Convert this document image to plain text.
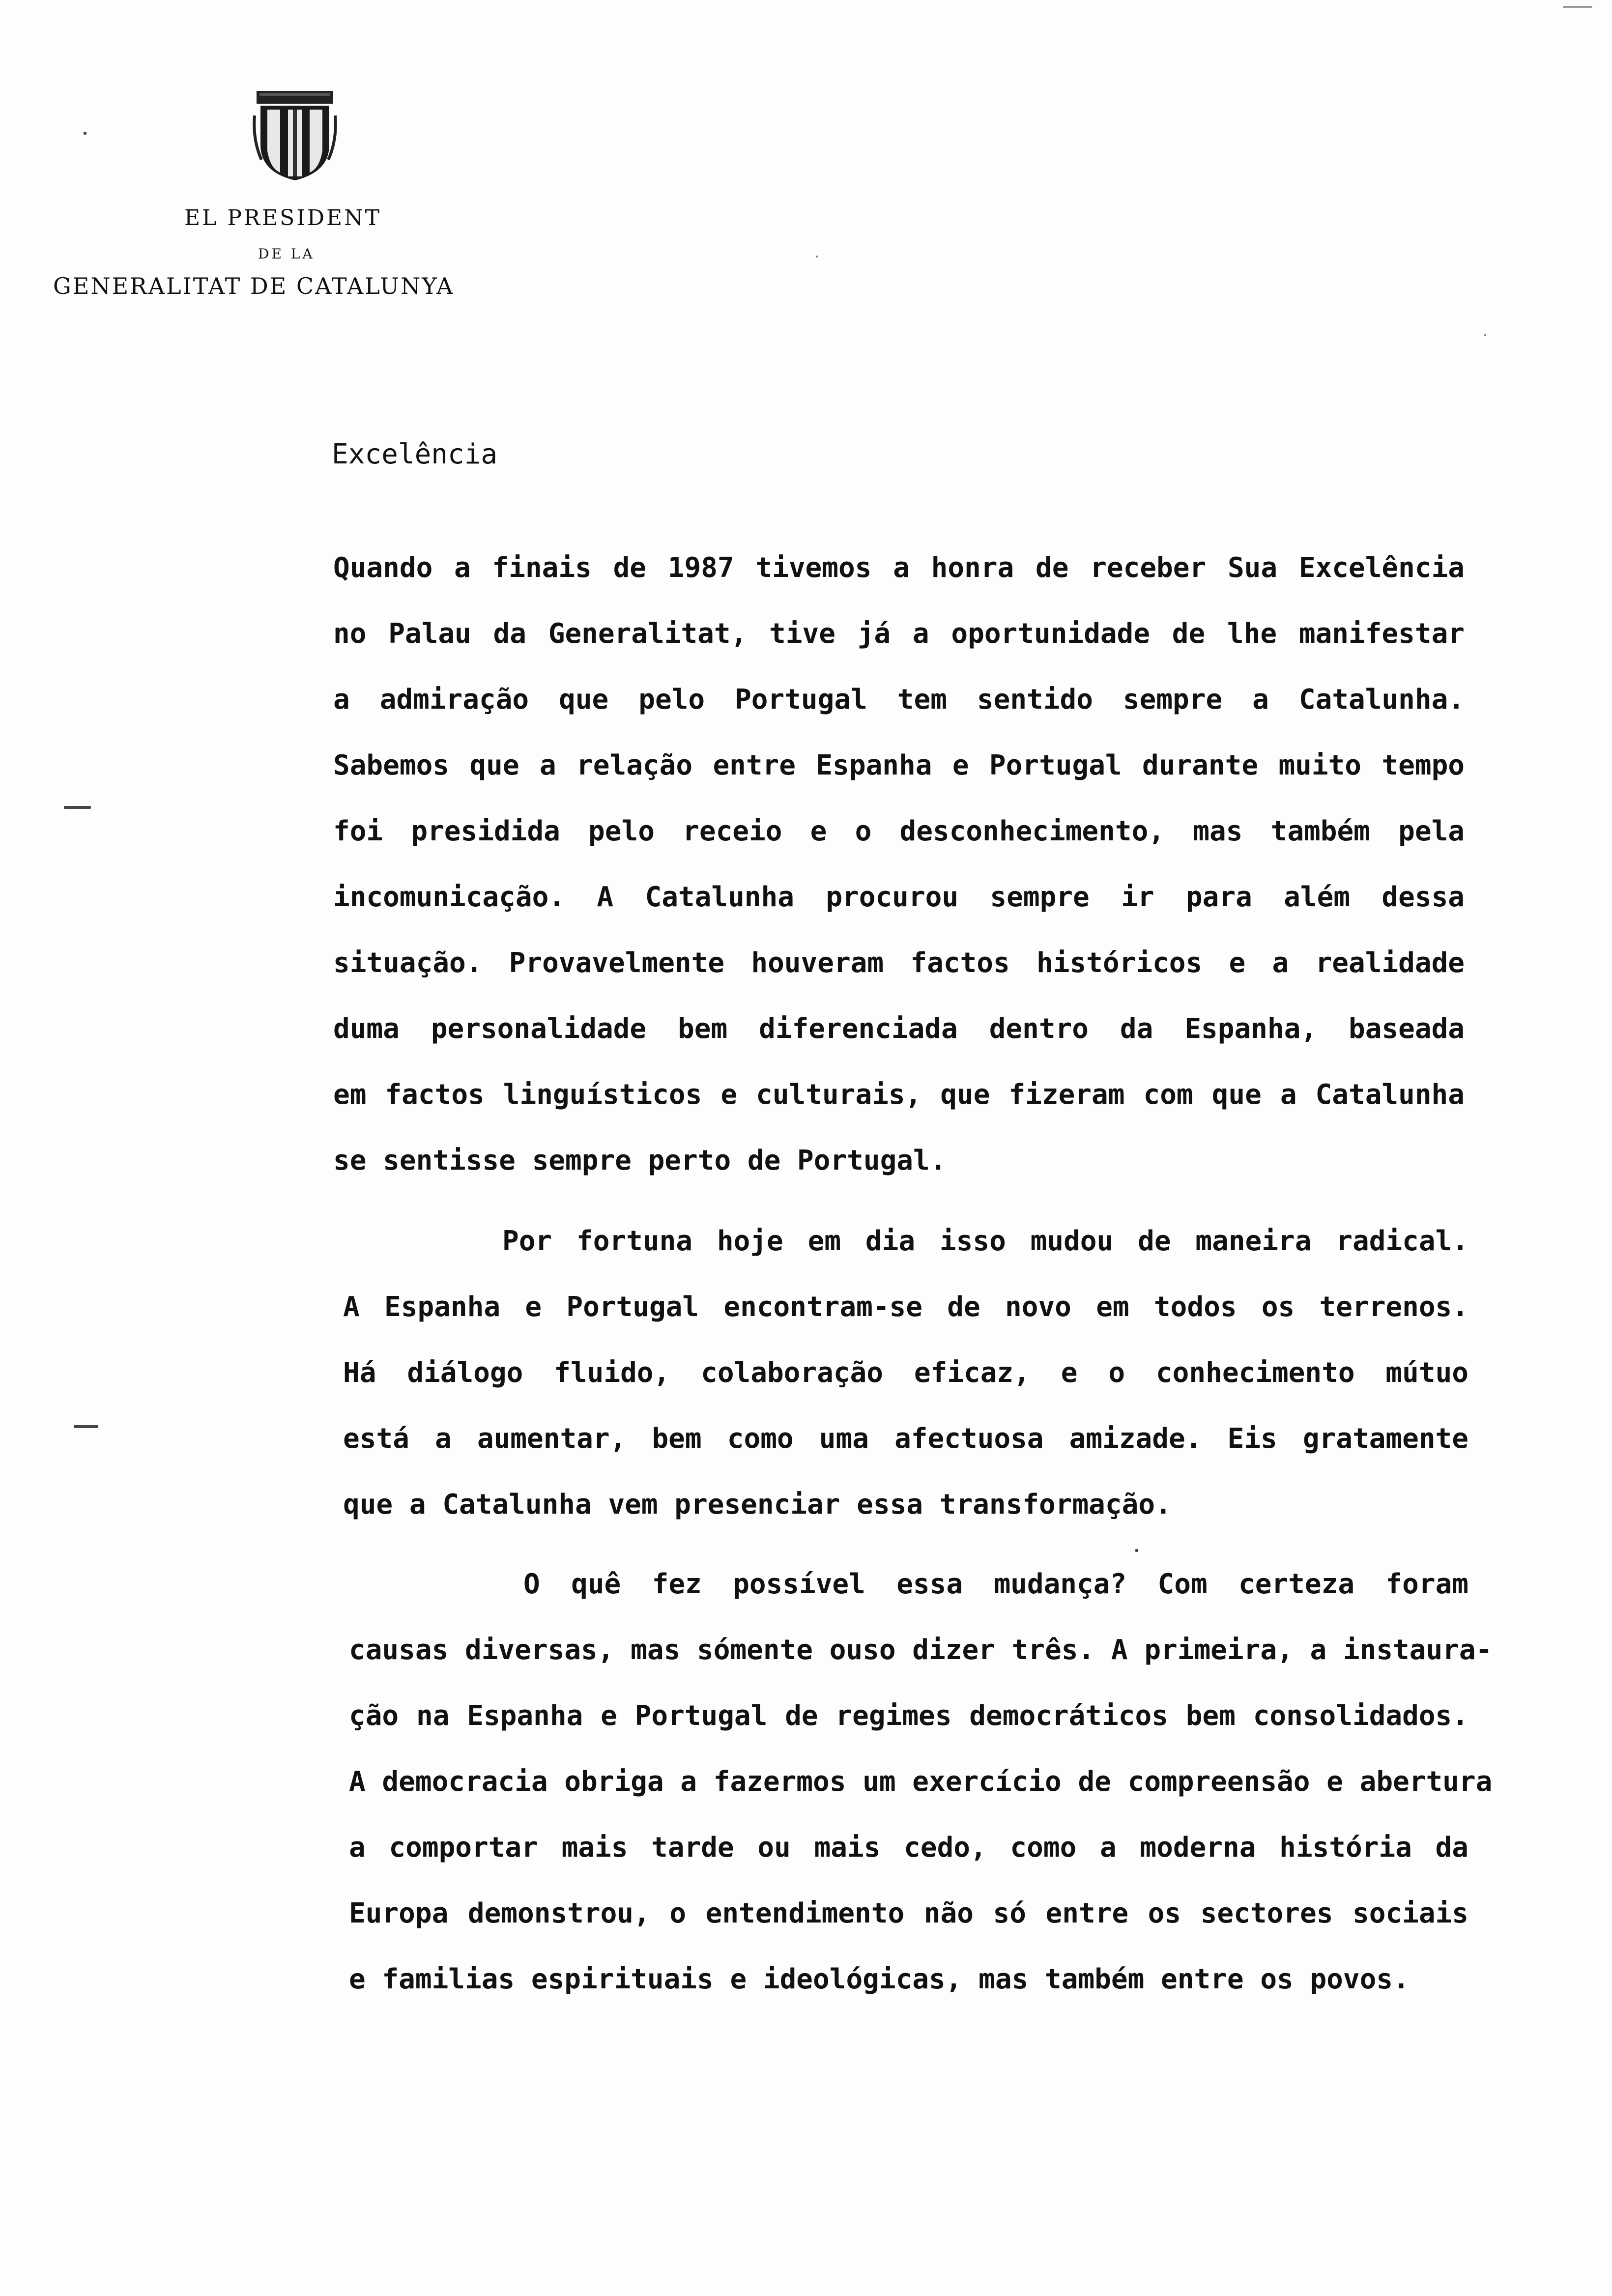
EL PRESIDENT
DE LA
GENERALITAT DE CATALUNYA
Excelência
Quando a finais de 1987 tivemos a honra de receber Sua Excelência
no Palau da Generalitat, tive já a oportunidade de lhe manifestar
a admiração que pelo Portugal tem sentido sempre a Catalunha.
Sabemos que a relação entre Espanha e Portugal durante muito tempo
foi presidida pelo receio e o desconhecimento, mas também pela
incomunicação. A Catalunha procurou sempre ir para além dessa
situação. Provavelmente houveram factos históricos e a realidade
duma personalidade bem diferenciada dentro da Espanha, baseada
em factos linguísticos e culturais, que fizeram com que a Catalunha
se sentisse sempre perto de Portugal.
Por fortuna hoje em dia isso mudou de maneira radical.
A Espanha e Portugal encontram-se de novo em todos os terrenos.
Há diálogo fluido, colaboração eficaz, e o conhecimento mútuo
está a aumentar, bem como uma afectuosa amizade. Eis gratamente
que a Catalunha vem presenciar essa transformação.
O quê fez possível essa mudança? Com certeza foram
causas diversas, mas sómente ouso dizer três. A primeira, a instaura-
ção na Espanha e Portugal de regimes democráticos bem consolidados.
A democracia obriga a fazermos um exercício de compreensão e abertura
a comportar mais tarde ou mais cedo, como a moderna história da
Europa demonstrou, o entendimento não só entre os sectores sociais
e familias espirituais e ideológicas, mas também entre os povos.
